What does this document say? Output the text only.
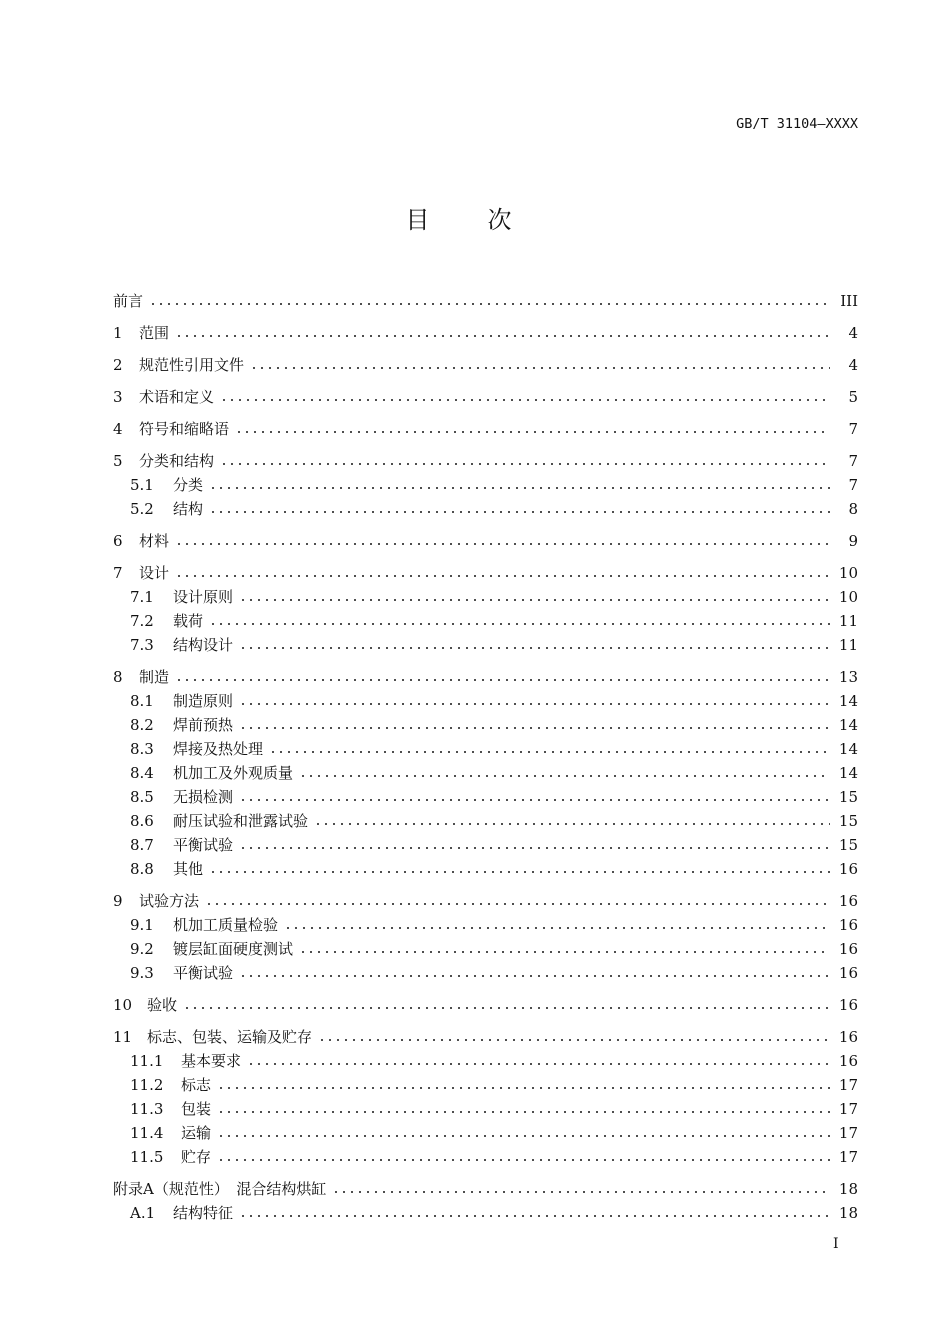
GB/T 31104—XXXX
目次
前言	III
1	范围	4
2	规范性引用文件	4
3	术语和定义	5
4	符号和缩略语	7
5	分类和结构	7
5.1	分类	7
5.2	结构	8
6	材料	9
7	设计	10
7.1	设计原则	10
7.2	载荷	11
7.3	结构设计	11
8	制造	13
8.1	制造原则	14
8.2	焊前预热	14
8.3	焊接及热处理	14
8.4	机加工及外观质量	14
8.5	无损检测	15
8.6	耐压试验和泄露试验	15
8.7	平衡试验	15
8.8	其他	16
9	试验方法	16
9.1	机加工质量检验	16
9.2	镀层缸面硬度测试	16
9.3	平衡试验	16
10 验收	16
11 标志、包装、运输及贮存	16
11.1	基本要求	16
11.2	标志	17
11.3	包装	17
11.4	运输	17
11.5	贮存	17
附录A（规范性）　混合结构烘缸	18
A.1	结构特征	18
I
